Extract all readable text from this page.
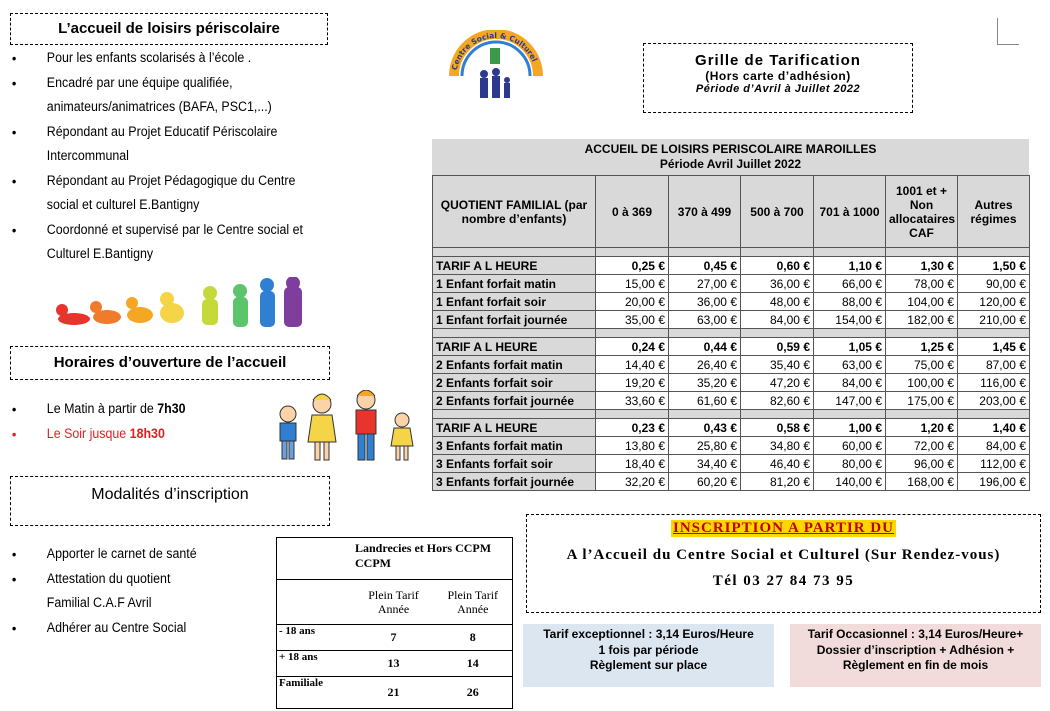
L’accueil de loisirs périscolaire
• Pour les enfants scolarisés à l’école .
• Encadré par une équipe qualifiée,
animateurs/animatrices (BAFA, PSC1,...)
• Répondant au Projet Educatif Périscolaire
Intercommunal
• Répondant au Projet Pédagogique du Centre
social et culturel E.Bantigny
• Coordonné et supervisé par le Centre social et
Culturel E.Bantigny
Horaires d’ouverture de l’accueil
• Le Matin à partir de 7h30
• Le Soir jusque 18h30
Modalités d’inscription
• Apporter le carnet de santé
• Attestation du quotient
Familial C.A.F Avril
• Adhérer au Centre Social
Centre Social & Culturel	Grille de Tarification
(Hors carte d’adhésion)
Période d’Avril à Juillet 2022
ACCUEIL DE LOISIRS PERISCOLAIRE MAROILLES
Période Avril Juillet 2022
QUOTIENT FAMILIAL (par nombre d’enfants)	0 à 369	370 à 499	500 à 700	701 à 1000	1001 et + Non allocataires CAF	Autres régimes

TARIF A L HEURE	0,25 €	0,45 €	0,60 €	1,10 €	1,30 €	1,50 €
1 Enfant forfait matin	15,00 €	27,00 €	36,00 €	66,00 €	78,00 €	90,00 €
1 Enfant forfait soir	20,00 €	36,00 €	48,00 €	88,00 €	104,00 €	120,00 €
1 Enfant forfait journée	35,00 €	63,00 €	84,00 €	154,00 €	182,00 €	210,00 €

TARIF A L HEURE	0,24 €	0,44 €	0,59 €	1,05 €	1,25 €	1,45 €
2 Enfants forfait matin	14,40 €	26,40 €	35,40 €	63,00 €	75,00 €	87,00 €
2 Enfants forfait soir	19,20 €	35,20 €	47,20 €	84,00 €	100,00 €	116,00 €
2 Enfants forfait journée	33,60 €	61,60 €	82,60 €	147,00 €	175,00 €	203,00 €

TARIF A L HEURE	0,23 €	0,43 €	0,58 €	1,00 €	1,20 €	1,40 €
3 Enfants forfait matin	13,80 €	25,80 €	34,80 €	60,00 €	72,00 €	84,00 €
3 Enfants forfait soir	18,40 €	34,40 €	46,40 €	80,00 €	96,00 €	112,00 €
3 Enfants forfait journée	32,20 €	60,20 €	81,20 €	140,00 €	168,00 €	196,00 €
Landrecies et Hors CCPM CCPM		
	Plein Tarif Année	Plein Tarif Année
- 18 ans	7	8
+ 18 ans	13	14
Familiale	21	26
INSCRIPTION A PARTIR DU
A l’Accueil du Centre Social et Culturel (Sur Rendez-vous)
Tél 03 27 84 73 95
Tarif exceptionnel : 3,14 Euros/Heure
1 fois par période
Règlement sur place
Tarif Occasionnel : 3,14 Euros/Heure+
Dossier d’inscription + Adhésion +
Règlement en fin de mois
